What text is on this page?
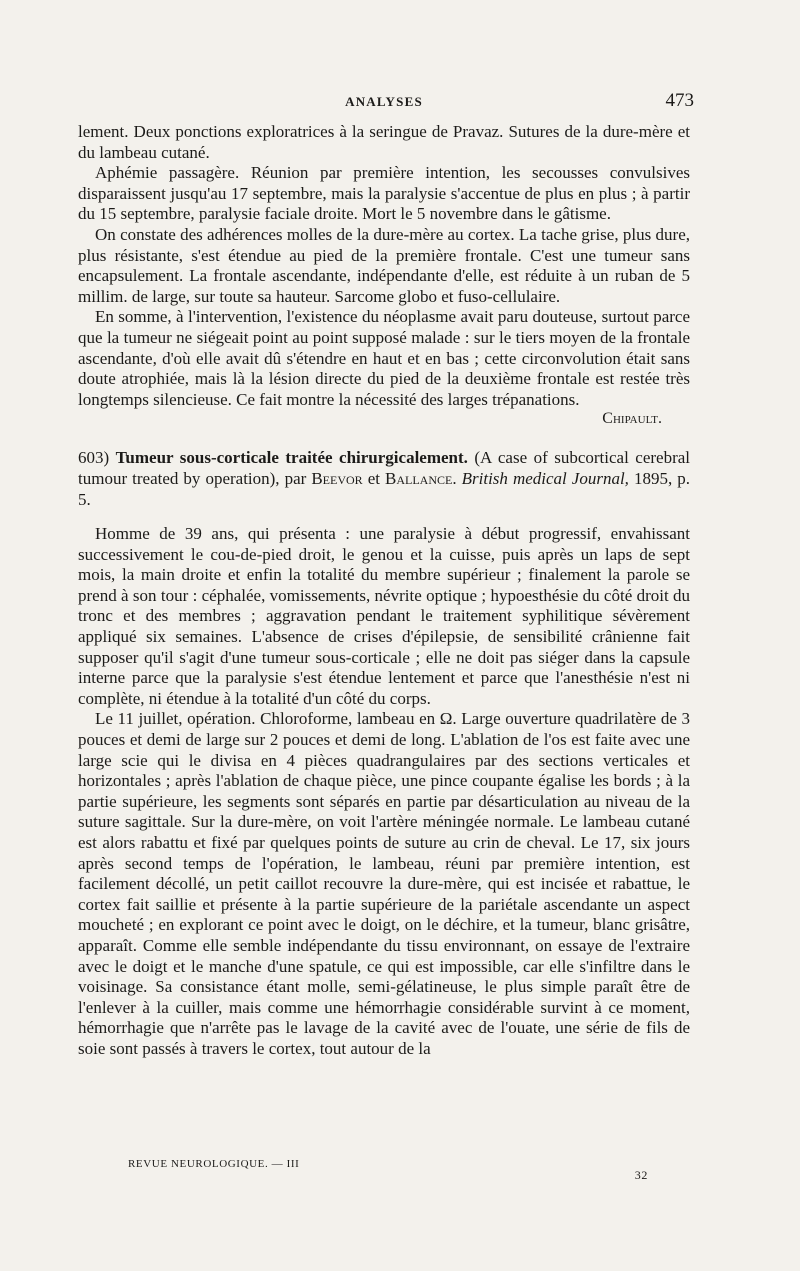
ANALYSES	473

lement. Deux ponctions exploratrices à la seringue de Pravaz. Sutures de la dure-mère et du lambeau cutané.

Aphémie passagère. Réunion par première intention, les secousses convulsives disparaissent jusqu'au 17 septembre, mais la paralysie s'accentue de plus en plus ; à partir du 15 septembre, paralysie faciale droite. Mort le 5 novembre dans le gâtisme.

On constate des adhérences molles de la dure-mère au cortex. La tache grise, plus dure, plus résistante, s'est étendue au pied de la première frontale. C'est une tumeur sans encapsulement. La frontale ascendante, indépendante d'elle, est réduite à un ruban de 5 millim. de large, sur toute sa hauteur. Sarcome globo et fuso-cellulaire.

En somme, à l'intervention, l'existence du néoplasme avait paru douteuse, surtout parce que la tumeur ne siégeait point au point supposé malade : sur le tiers moyen de la frontale ascendante, d'où elle avait dû s'étendre en haut et en bas ; cette circonvolution était sans doute atrophiée, mais là la lésion directe du pied de la deuxième frontale est restée très longtemps silencieuse. Ce fait montre la nécessité des larges trépanations.

Chipault.

603) Tumeur sous-corticale traitée chirurgicalement. (A case of subcortical cerebral tumour treated by operation), par Beevor et Ballance. British medical Journal, 1895, p. 5.

Homme de 39 ans, qui présenta : une paralysie à début progressif, envahissant successivement le cou-de-pied droit, le genou et la cuisse, puis après un laps de sept mois, la main droite et enfin la totalité du membre supérieur ; finalement la parole se prend à son tour : céphalée, vomissements, névrite optique ; hypoesthésie du côté droit du tronc et des membres ; aggravation pendant le traitement syphilitique sévèrement appliqué six semaines. L'absence de crises d'épilepsie, de sensibilité crânienne fait supposer qu'il s'agit d'une tumeur sous-corticale ; elle ne doit pas siéger dans la capsule interne parce que la paralysie s'est étendue lentement et parce que l'anesthésie n'est ni complète, ni étendue à la totalité d'un côté du corps.

Le 11 juillet, opération. Chloroforme, lambeau en Ω. Large ouverture quadrilatère de 3 pouces et demi de large sur 2 pouces et demi de long. L'ablation de l'os est faite avec une large scie qui le divisa en 4 pièces quadrangulaires par des sections verticales et horizontales ; après l'ablation de chaque pièce, une pince coupante égalise les bords ; à la partie supérieure, les segments sont séparés en partie par désarticulation au niveau de la suture sagittale. Sur la dure-mère, on voit l'artère méningée normale. Le lambeau cutané est alors rabattu et fixé par quelques points de suture au crin de cheval. Le 17, six jours après second temps de l'opération, le lambeau, réuni par première intention, est facilement décollé, un petit caillot recouvre la dure-mère, qui est incisée et rabattue, le cortex fait saillie et présente à la partie supérieure de la pariétale ascendante un aspect moucheté ; en explorant ce point avec le doigt, on le déchire, et la tumeur, blanc grisâtre, apparaît. Comme elle semble indépendante du tissu environnant, on essaye de l'extraire avec le doigt et le manche d'une spatule, ce qui est impossible, car elle s'infiltre dans le voisinage. Sa consistance étant molle, semi-gélatineuse, le plus simple paraît être de l'enlever à la cuiller, mais comme une hémorrhagie considérable survint à ce moment, hémorrhagie que n'arrête pas le lavage de la cavité avec de l'ouate, une série de fils de soie sont passés à travers le cortex, tout autour de la

REVUE NEUROLOGIQUE. — III
32
